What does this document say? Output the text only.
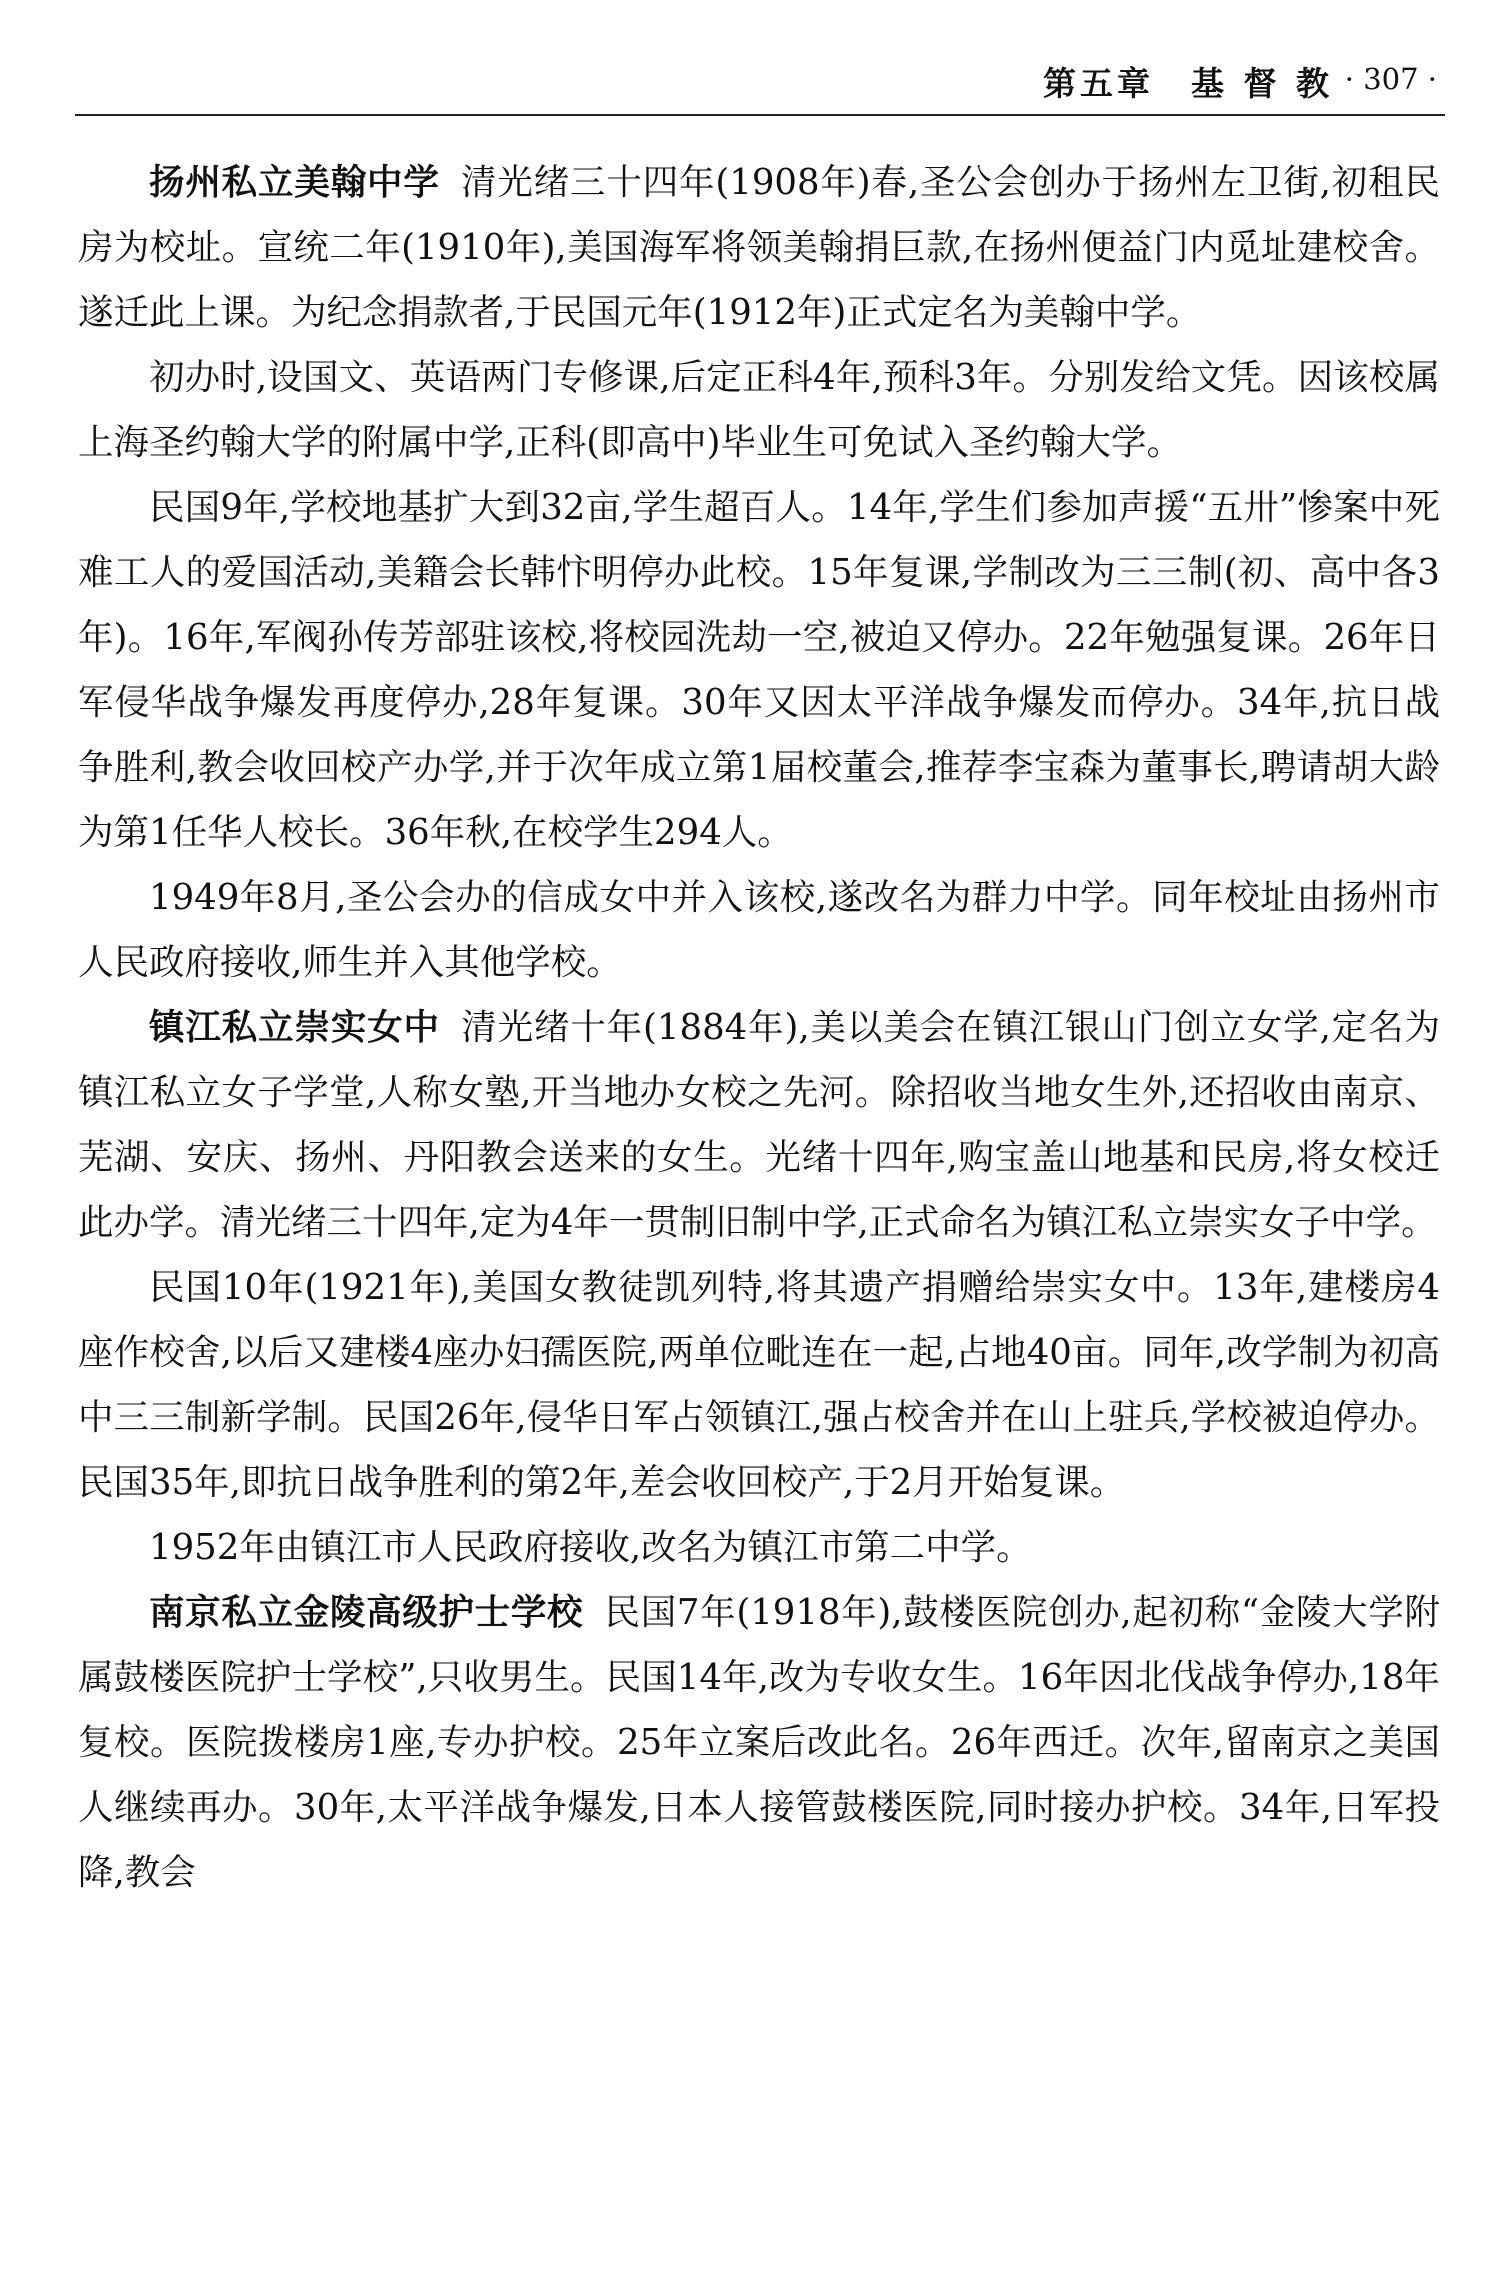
第五章　基 督 教 · 307 ·

扬州私立美翰中学 清光绪三十四年(1908年)春,圣公会创办于扬州左卫街,初租民房为校址。宣统二年(1910年),美国海军将领美翰捐巨款,在扬州便益门内觅址建校舍。遂迁此上课。为纪念捐款者,于民国元年(1912年)正式定名为美翰中学。

初办时,设国文、英语两门专修课,后定正科4年,预科3年。分别发给文凭。因该校属上海圣约翰大学的附属中学,正科(即高中)毕业生可免试入圣约翰大学。

民国9年,学校地基扩大到32亩,学生超百人。14年,学生们参加声援“五卅”惨案中死难工人的爱国活动,美籍会长韩忭明停办此校。15年复课,学制改为三三制(初、高中各3年)。16年,军阀孙传芳部驻该校,将校园洗劫一空,被迫又停办。22年勉强复课。26年日军侵华战争爆发再度停办,28年复课。30年又因太平洋战争爆发而停办。34年,抗日战争胜利,教会收回校产办学,并于次年成立第1届校董会,推荐李宝森为董事长,聘请胡大龄为第1任华人校长。36年秋,在校学生294人。

1949年8月,圣公会办的信成女中并入该校,遂改名为群力中学。同年校址由扬州市人民政府接收,师生并入其他学校。

镇江私立崇实女中 清光绪十年(1884年),美以美会在镇江银山门创立女学,定名为镇江私立女子学堂,人称女塾,开当地办女校之先河。除招收当地女生外,还招收由南京、芜湖、安庆、扬州、丹阳教会送来的女生。光绪十四年,购宝盖山地基和民房,将女校迁此办学。清光绪三十四年,定为4年一贯制旧制中学,正式命名为镇江私立崇实女子中学。

民国10年(1921年),美国女教徒凯列特,将其遗产捐赠给崇实女中。13年,建楼房4座作校舍,以后又建楼4座办妇孺医院,两单位毗连在一起,占地40亩。同年,改学制为初高中三三制新学制。民国26年,侵华日军占领镇江,强占校舍并在山上驻兵,学校被迫停办。民国35年,即抗日战争胜利的第2年,差会收回校产,于2月开始复课。

1952年由镇江市人民政府接收,改名为镇江市第二中学。

南京私立金陵高级护士学校 民国7年(1918年),鼓楼医院创办,起初称“金陵大学附属鼓楼医院护士学校”,只收男生。民国14年,改为专收女生。16年因北伐战争停办,18年复校。医院拨楼房1座,专办护校。25年立案后改此名。26年西迁。次年,留南京之美国人继续再办。30年,太平洋战争爆发,日本人接管鼓楼医院,同时接办护校。34年,日军投降,教会
